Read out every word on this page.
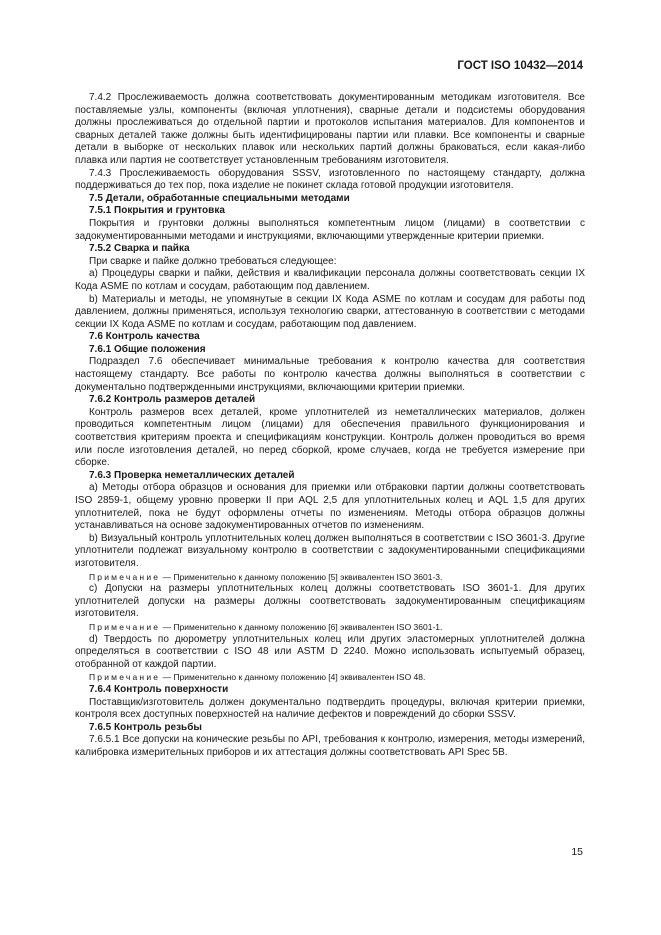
ГОСТ ISO 10432—2014

7.4.2 Прослеживаемость должна соответствовать документированным методикам изготовителя. Все поставляемые узлы, компоненты (включая уплотнения), сварные детали и подсистемы оборудования должны прослеживаться до отдельной партии и протоколов испытания материалов. Для компонентов и сварных деталей также должны быть идентифицированы партии или плавки. Все компоненты и сварные детали в выборке от нескольких плавок или нескольких партий должны браковаться, если какая-либо плавка или партия не соответствует установленным требованиям изготовителя.

7.4.3 Прослеживаемость оборудования SSSV, изготовленного по настоящему стандарту, должна поддерживаться до тех пор, пока изделие не покинет склада готовой продукции изготовителя.

7.5 Детали, обработанные специальными методами

7.5.1 Покрытия и грунтовка

Покрытия и грунтовки должны выполняться компетентным лицом (лицами) в соответствии с задокументированными методами и инструкциями, включающими утвержденные критерии приемки.

7.5.2 Сварка и пайка

При сварке и пайке должно требоваться следующее:

a) Процедуры сварки и пайки, действия и квалификации персонала должны соответствовать секции IX Кода ASME по котлам и сосудам, работающим под давлением.

b) Материалы и методы, не упомянутые в секции IX Кода ASME по котлам и сосудам для работы под давлением, должны применяться, используя технологию сварки, аттестованную в соответствии с методами секции IX Кода ASME по котлам и сосудам, работающим под давлением.

7.6 Контроль качества

7.6.1 Общие положения

Подраздел 7.6 обеспечивает минимальные требования к контролю качества для соответствия настоящему стандарту. Все работы по контролю качества должны выполняться в соответствии с документально подтвержденными инструкциями, включающими критерии приемки.

7.6.2 Контроль размеров деталей

Контроль размеров всех деталей, кроме уплотнителей из неметаллических материалов, должен проводиться компетентным лицом (лицами) для обеспечения правильного функционирования и соответствия критериям проекта и спецификациям конструкции. Контроль должен проводиться во время или после изготовления деталей, но перед сборкой, кроме случаев, когда не требуется измерение при сборке.

7.6.3 Проверка неметаллических деталей

a) Методы отбора образцов и основания для приемки или отбраковки партии должны соответствовать ISO 2859-1, общему уровню проверки II при AQL 2,5 для уплотнительных колец и AQL 1,5 для других уплотнителей, пока не будут оформлены отчеты по изменениям. Методы отбора образцов должны устанавливаться на основе задокументированных отчетов по изменениям.

b) Визуальный контроль уплотнительных колец должен выполняться в соответствии с ISO 3601-3. Другие уплотнители подлежат визуальному контролю в соответствии с задокументированными спецификациями изготовителя.

Примечание — Применительно к данному положению [5] эквивалентен ISO 3601-3.

c) Допуски на размеры уплотнительных колец должны соответствовать ISO 3601-1. Для других уплотнителей допуски на размеры должны соответствовать задокументированным спецификациям изготовителя.

Примечание — Применительно к данному положению [6] эквивалентен ISO 3601-1.

d) Твердость по дюрометру уплотнительных колец или других эластомерных уплотнителей должна определяться в соответствии с ISO 48 или ASTM D 2240. Можно использовать испытуемый образец, отобранной от каждой партии.

Примечание — Применительно к данному положению [4] эквивалентен ISO 48.

7.6.4 Контроль поверхности

Поставщик/изготовитель должен документально подтвердить процедуры, включая критерии приемки, контроля всех доступных поверхностей на наличие дефектов и повреждений до сборки SSSV.

7.6.5 Контроль резьбы

7.6.5.1 Все допуски на конические резьбы по API, требования к контролю, измерения, методы измерений, калибровка измерительных приборов и их аттестация должны соответствовать API Spec 5B.

15
